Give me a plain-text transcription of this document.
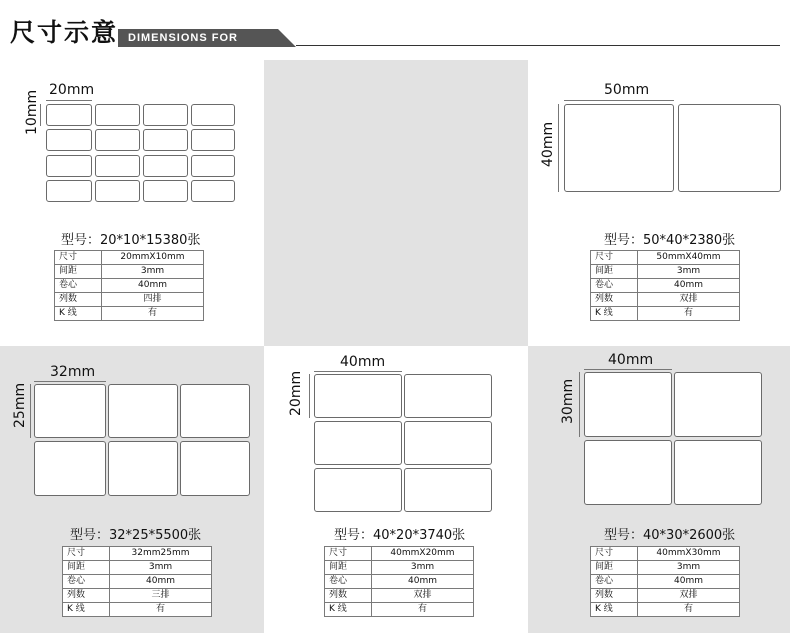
尺寸示意 DIMENSIONS FOR
20mm
10mm
型号：20*10*15380张
尺寸	20mmX10mm
间距	3mm
卷心	40mm
列数	四排
K 线	有
50mm
40mm
型号：50*40*2380张
尺寸	50mmX40mm
间距	3mm
卷心	40mm
列数	双排
K 线	有
32mm
25mm
型号：32*25*5500张
尺寸	32mm25mm
间距	3mm
卷心	40mm
列数	三排
K 线	有
40mm
20mm
型号：40*20*3740张
尺寸	40mmX20mm
间距	3mm
卷心	40mm
列数	双排
K 线	有
40mm
30mm
型号：40*30*2600张
尺寸	40mmX30mm
间距	3mm
卷心	40mm
列数	双排
K 线	有
